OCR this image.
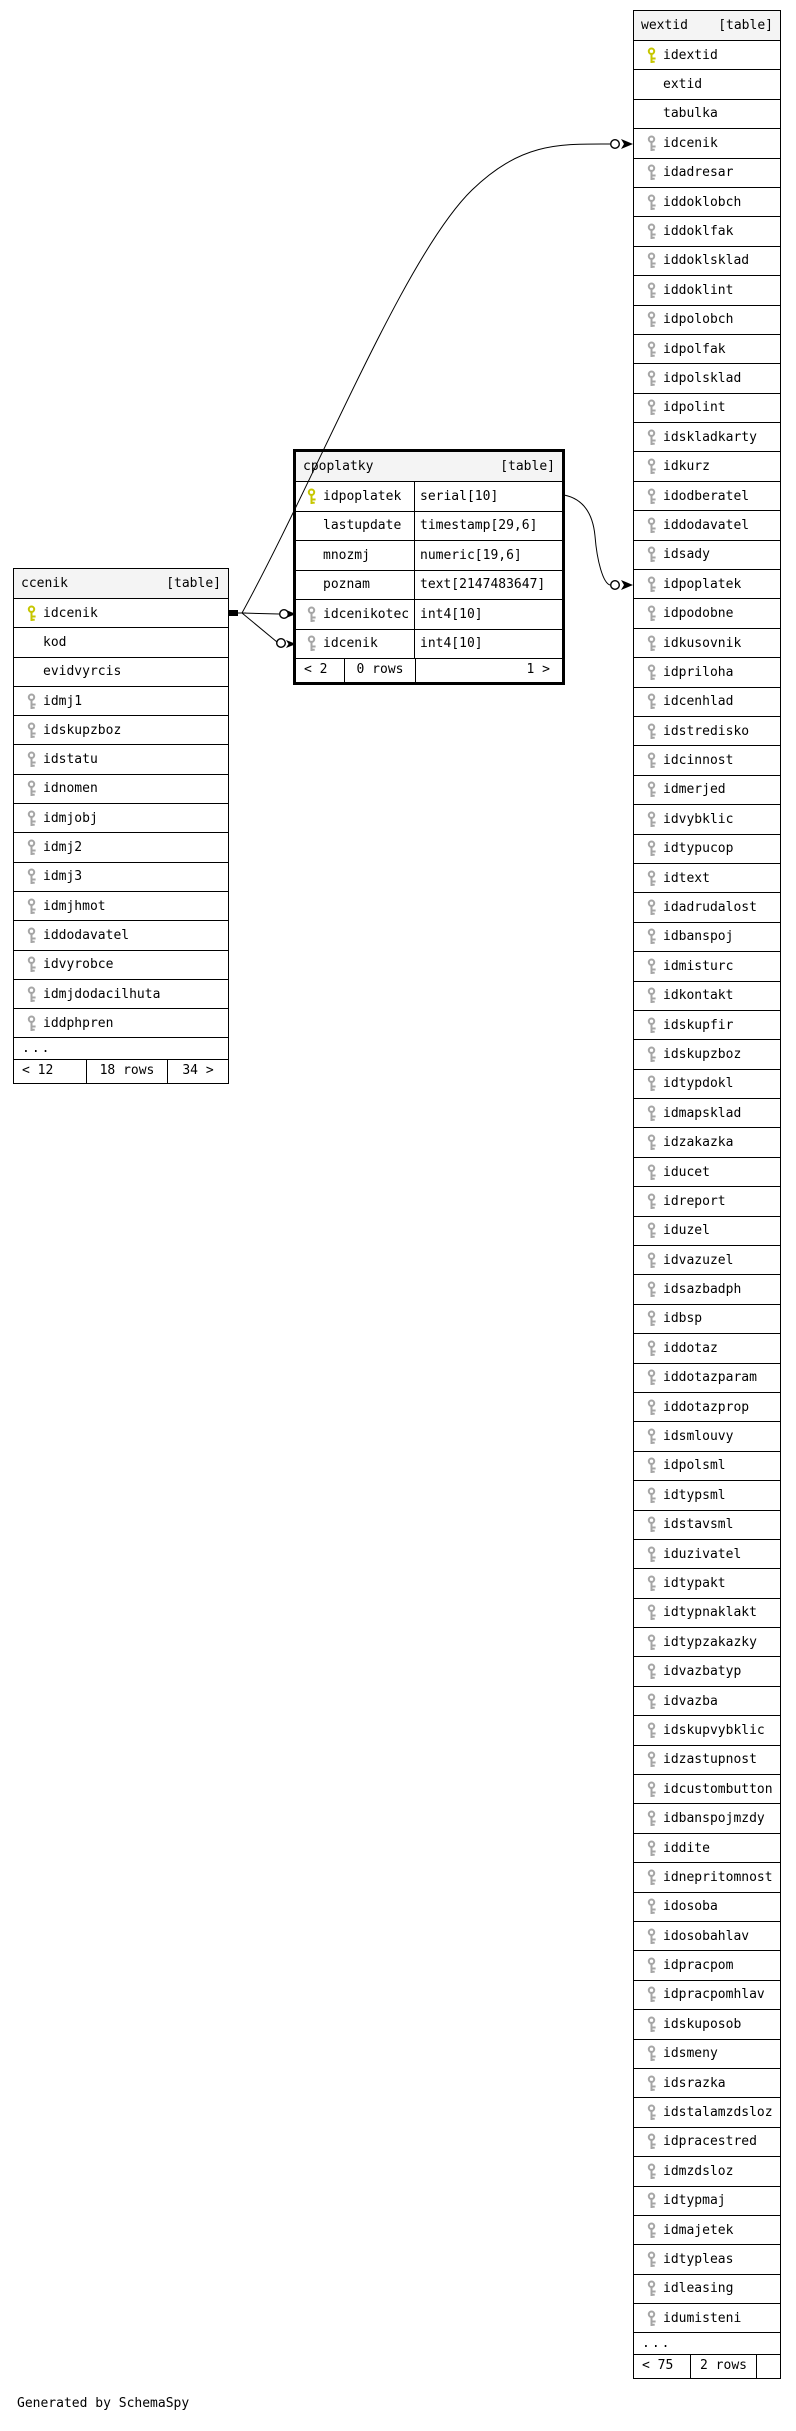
ccenik	[table]
idcenik
kod
evidvyrcis
idmj1
idskupzboz
idstatu
idnomen
idmjobj
idmj2
idmj3
idmjhmot
iddodavatel
idvyrobce
idmjdodacilhuta
iddphpren
...
< 12	18 rows	34 >
cpoplatky	[table]
idpoplatek	serial[10]
lastupdate	timestamp[29,6]
mnozmj	numeric[19,6]
poznam	text[2147483647]
idcenikotec int4[10]
idcenik	int4[10]
< 2	0 rows	1 >
wextid [table]
idextid
extid
tabulka
idcenik
idadresar
iddoklobch
iddoklfak
iddoklsklad
iddoklint
idpolobch
idpolfak
idpolsklad
idpolint
idskladkarty
idkurz
idodberatel
iddodavatel
idsady
idpoplatek
idpodobne
idkusovnik
idpriloha
idcenhlad
idstredisko
idcinnost
idmerjed
idvybklic
idtypucop
idtext
idadrudalost
idbanspoj
idmisturc
idkontakt
idskupfir
idskupzboz
idtypdokl
idmapsklad
idzakazka
iducet
idreport
iduzel
idvazuzel
idsazbadph
idbsp
iddotaz
iddotazparam
iddotazprop
idsmlouvy
idpolsml
idtypsml
idstavsml
iduzivatel
idtypakt
idtypnaklakt
idtypzakazky
idvazbatyp
idvazba
idskupvybklic
idzastupnost
idcustombutton
idbanspojmzdy
iddite
idnepritomnost
idosoba
idosobahlav
idpracpom
idpracpomhlav
idskuposob
idsmeny
idsrazka
idstalamzdsloz
idpracestred
idmzdsloz
idtypmaj
idmajetek
idtypleas
idleasing
idumisteni
...
< 75	2 rows
Generated by SchemaSpy
